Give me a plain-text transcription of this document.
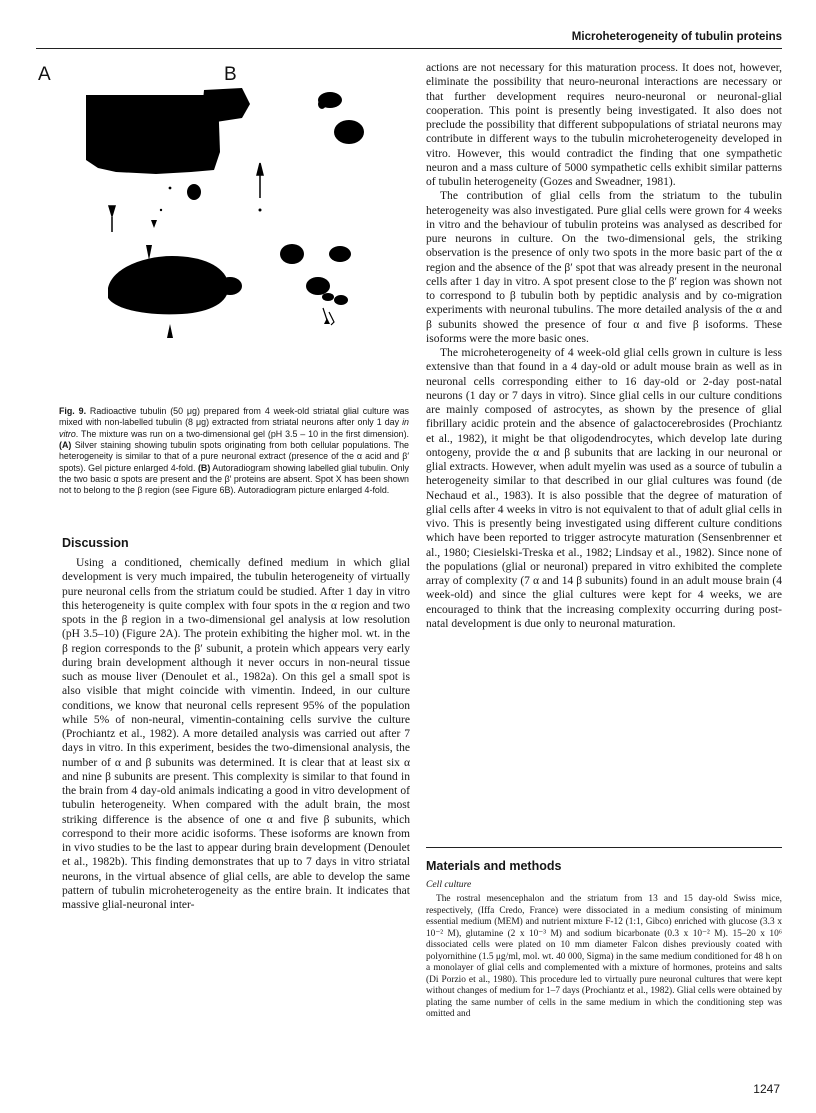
Microheterogeneity of tubulin proteins
A	B
Fig. 9. Radioactive tubulin (50 μg) prepared from 4 week-old striatal glial culture was mixed with non-labelled tubulin (8 μg) extracted from striatal neurons after only 1 day in vitro. The mixture was run on a two-dimensional gel (pH 3.5 – 10 in the first dimension). (A) Silver staining showing tubulin spots originating from both cellular populations. The heterogeneity is similar to that of a pure neuronal extract (presence of the α acid and β′ spots). Gel picture enlarged 4-fold. (B) Autoradiogram showing labelled glial tubulin. Only the two basic α spots are present and the β′ proteins are absent. Spot X has been shown not to belong to the β region (see Figure 6B). Autoradiogram picture enlarged 4-fold.
Discussion

Using a conditioned, chemically defined medium in which glial development is very much impaired, the tubulin heterogeneity of virtually pure neuronal cells from the striatum could be studied. After 1 day in vitro this heterogeneity is quite complex with four spots in the α region and two spots in the β region in a two-dimensional gel analysis at low resolution (pH 3.5–10) (Figure 2A). The protein exhibiting the higher mol. wt. in the β region corresponds to the β′ subunit, a protein which appears very early during brain development although it never occurs in non-neural tissue such as mouse liver (Denoulet et al., 1982a). On this gel a small spot is also visible that might coincide with vimentin. Indeed, in our culture conditions, we know that neuronal cells represent 95% of the population while 5% of non-neural, vimentin-containing cells survive the culture (Prochiantz et al., 1982). A more detailed analysis was carried out after 7 days in vitro. In this experiment, besides the two-dimensional analysis, the number of α and β subunits was determined. It is clear that at least six α and nine β subunits are present. This complexity is similar to that found in the brain from 4 day-old animals indicating a good in vitro development of tubulin heterogeneity. When compared with the adult brain, the most striking difference is the absence of one α and five β subunits, which correspond to their more acidic isoforms. These isoforms are known from in vivo studies to be the last to appear during brain development (Denoulet et al., 1982b). This finding demonstrates that up to 7 days in vitro striatal neurons, in the virtual absence of glial cells, are able to develop the same pattern of tubulin microheterogeneity as the entire brain. It indicates that massive glial-neuronal inter-

actions are not necessary for this maturation process. It does not, however, eliminate the possibility that neuro-neuronal interactions are necessary or that further development requires neuro-neuronal or neuronal-glial cooperation. This point is presently being investigated. It also does not preclude the possibility that different subpopulations of striatal neurons may contribute in different ways to the tubulin microheterogeneity developed in vitro. However, this would contradict the finding that one sympathetic neuron and a mass culture of 5000 sympathetic cells exhibit similar patterns of tubulin heterogeneity (Gozes and Sweadner, 1981).

The contribution of glial cells from the striatum to the tubulin heterogeneity was also investigated. Pure glial cells were grown for 4 weeks in vitro and the behaviour of tubulin proteins was analysed as described for pure neurons in culture. On the two-dimensional gels, the striking observation is the presence of only two spots in the more basic part of the α region and the absence of the β′ spot that was already present in the neuronal cells after 1 day in vitro. A spot present close to the β′ region was shown not to correspond to β tubulin both by peptidic analysis and by co-migration experiments with neuronal tubulins. The more detailed analysis of the α and β subunits showed the presence of four α and five β isoforms. These isoforms were the more basic ones.

The microheterogeneity of 4 week-old glial cells grown in culture is less extensive than that found in a 4 day-old or adult mouse brain as well as in neuronal cells corresponding either to 16 day-old or 2-day post-natal neurons (1 day or 7 days in vitro). Since glial cells in our culture conditions are mainly composed of astrocytes, as shown by the presence of glial fibrillary acidic protein and the absence of galactocerebrosides (Prochiantz et al., 1982), it might be that oligodendrocytes, which develop late during ontogeny, provide the α and β subunits that are lacking in our neuronal or glial extracts. However, when adult myelin was used as a source of tubulin a heterogeneity similar to that described in our glial cultures was found (de Nechaud et al., 1983). It is also possible that the degree of maturation of glial cells after 4 weeks in vitro is not equivalent to that of adult glial cells in vivo. This is presently being investigated using different culture conditions which have been reported to trigger astrocyte maturation (Sensenbrenner et al., 1980; Ciesielski-Treska et al., 1982; Lindsay et al., 1982). Since none of the populations (glial or neuronal) prepared in vitro exhibited the complete array of complexity (7 α and 14 β subunits) found in an adult mouse brain (4 week-old) and since the glial cultures were kept for 4 weeks, we are encouraged to think that the increasing complexity occurring during post-natal development is due only to neuronal maturation.

Materials and methods
Cell culture

The rostral mesencephalon and the striatum from 13 and 15 day-old Swiss mice, respectively, (Iffa Credo, France) were dissociated in a medium consisting of minimum essential medium (MEM) and nutrient mixture F-12 (1:1, Gibco) enriched with glucose (3.3 x 10⁻² M), glutamine (2 x 10⁻³ M) and sodium bicarbonate (0.3 x 10⁻² M). 15–20 x 10⁶ dissociated cells were plated on 10 mm diameter Falcon dishes previously coated with polyornithine (1.5 μg/ml, mol. wt. 40 000, Sigma) in the same medium conditioned for 48 h on a monolayer of glial cells and complemented with a mixture of hormones, proteins and salts (Di Porzio et al., 1980). This procedure led to virtually pure neuronal cultures that were kept without changes of medium for 1–7 days (Prochiantz et al., 1982). Glial cells were obtained by plating the same number of cells in the same medium in which the conditioning step was omitted and

1247
